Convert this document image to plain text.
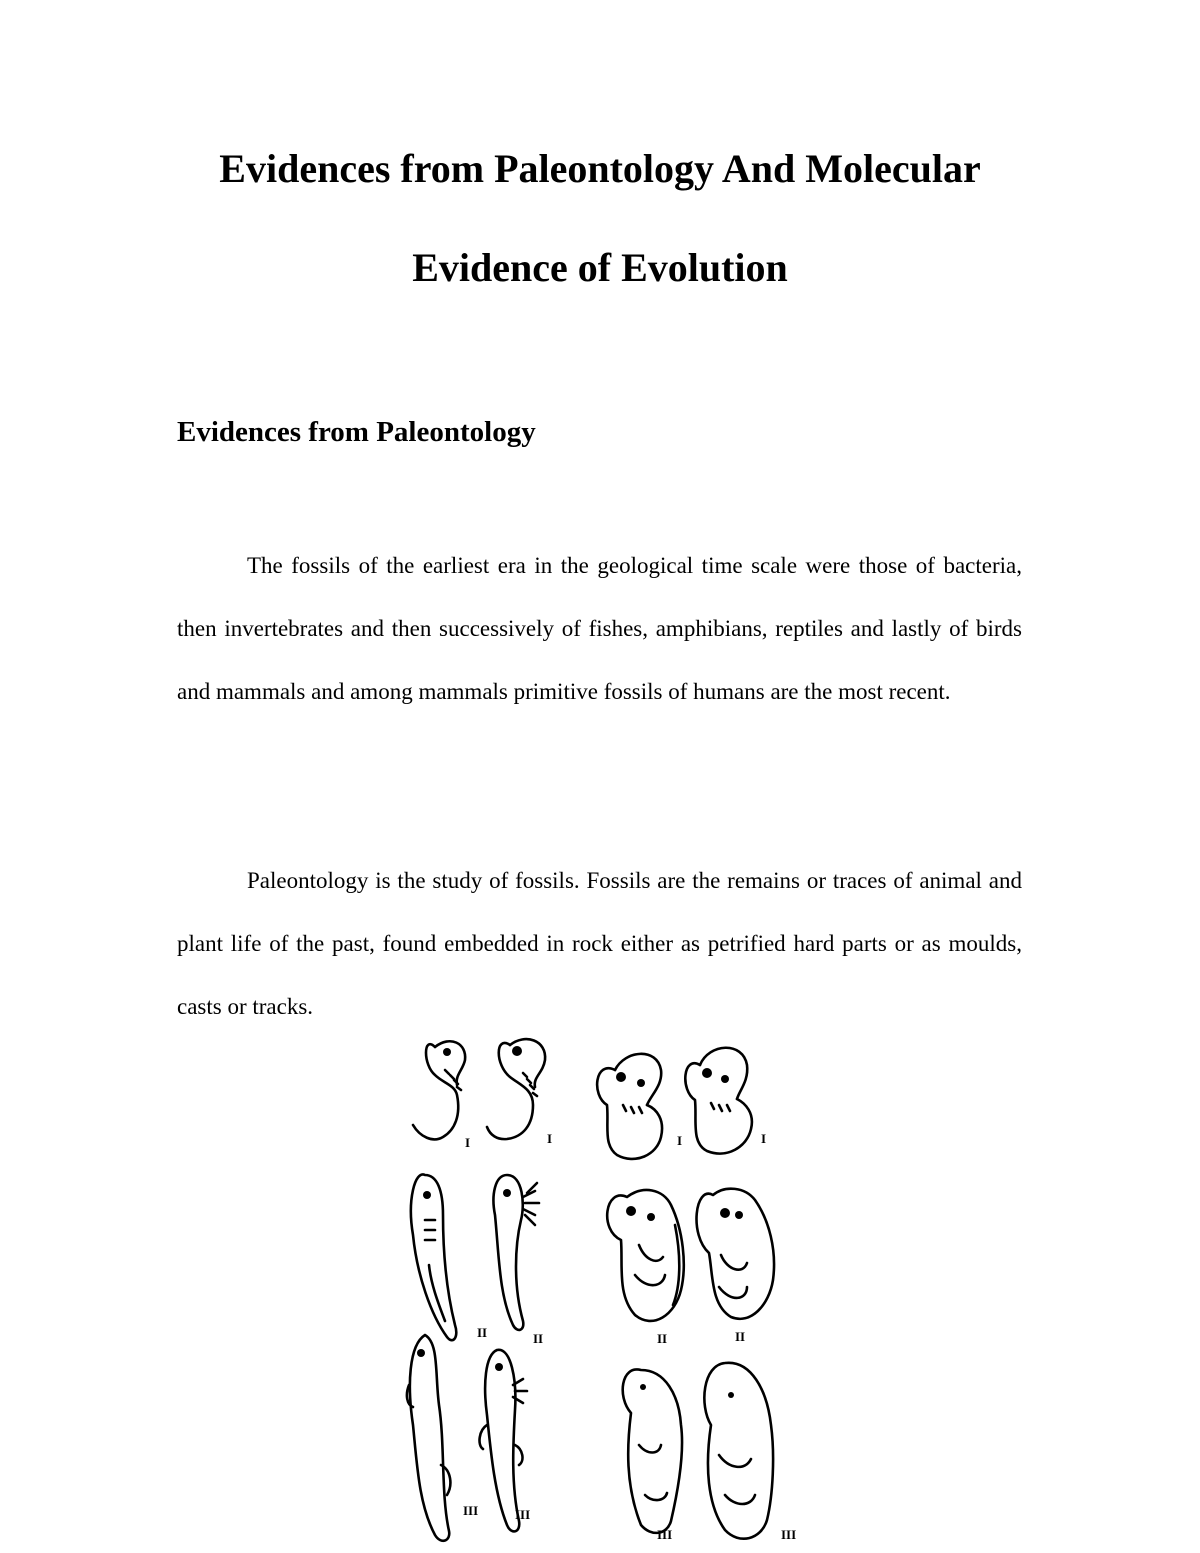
Evidences from Paleontology And Molecular
Evidence of Evolution
Evidences from Paleontology

The fossils of the earliest era in the geological time scale were those of bacteria, then invertebrates and then successively of fishes, amphibians, reptiles and lastly of birds and mammals and among mammals primitive fossils of humans are the most recent.

Paleontology is the study of fossils. Fossils are the remains or traces of animal and plant life of the past, found embedded in rock either as petrified hard parts or as moulds, casts or tracks.

I	I	I	I
II	II	II	II
III	III
III	III
